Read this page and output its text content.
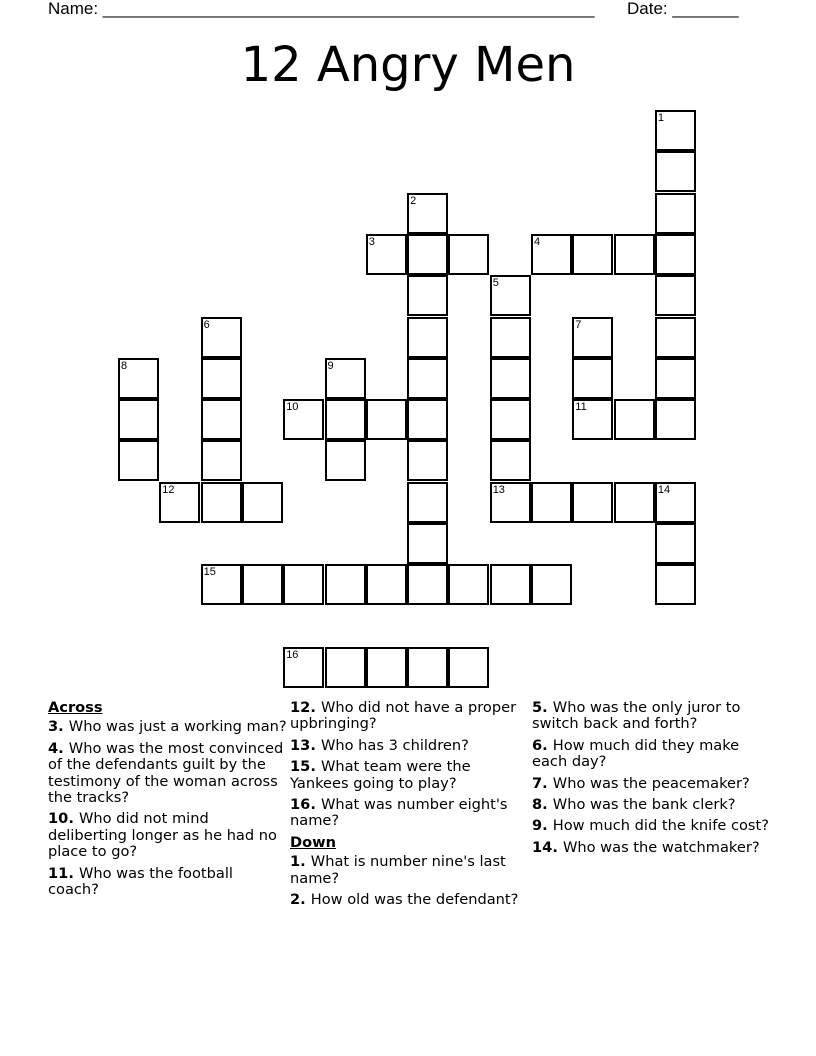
Name: ____________________________________________________ Date: _______
12 Angry Men
1
2
3	4
5
13
6	7
11
8	9
10
12	14
15
16
Across
3. Who was just a working man?
4. Who was the most convinced of the defendants guilt by the testimony of the woman across the tracks?
10. Who did not mind deliberting longer as he had no place to go?
11. Who was the football coach?
12. Who did not have a proper upbringing?
13. Who has 3 children?
15. What team were the Yankees going to play?
16. What was number eight's name?
Down
1. What is number nine's last name?
2. How old was the defendant?
5. Who was the only juror to switch back and forth?
6. How much did they make each day?
7. Who was the peacemaker?
8. Who was the bank clerk?
9. How much did the knife cost?
14. Who was the watchmaker?
